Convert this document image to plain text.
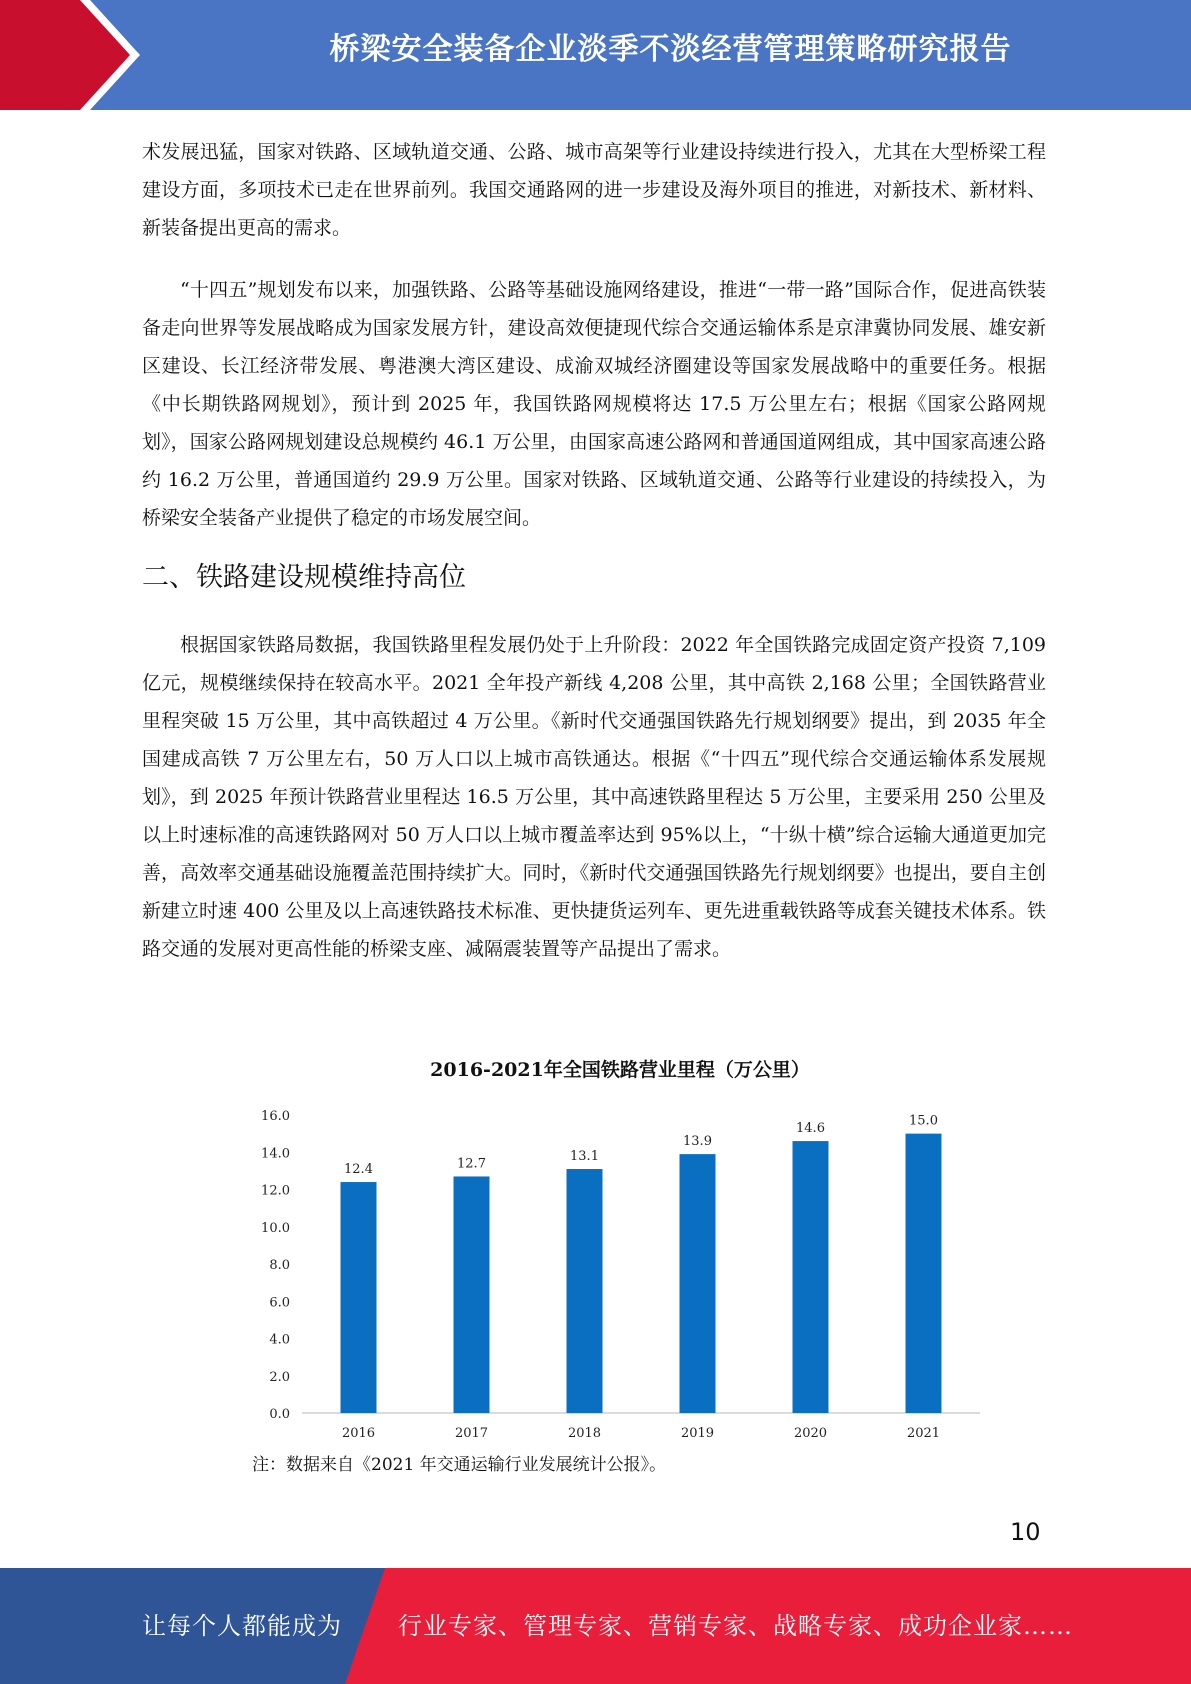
桥梁安全装备企业淡季不淡经营管理策略研究报告

术发展迅猛，国家对铁路、区域轨道交通、公路、城市高架等行业建设持续进行投入，尤其在大型桥梁工程建设方面，多项技术已走在世界前列。我国交通路网的进一步建设及海外项目的推进，对新技术、新材料、新装备提出更高的需求。

“十四五”规划发布以来，加强铁路、公路等基础设施网络建设，推进“一带一路”国际合作，促进高铁装备走向世界等发展战略成为国家发展方针，建设高效便捷现代综合交通运输体系是京津冀协同发展、雄安新区建设、长江经济带发展、粤港澳大湾区建设、成渝双城经济圈建设等国家发展战略中的重要任务。根据《中长期铁路网规划》，预计到 2025 年，我国铁路网规模将达 17.5 万公里左右；根据《国家公路网规划》，国家公路网规划建设总规模约 46.1 万公里，由国家高速公路网和普通国道网组成，其中国家高速公路约 16.2 万公里，普通国道约 29.9 万公里。国家对铁路、区域轨道交通、公路等行业建设的持续投入，为桥梁安全装备产业提供了稳定的市场发展空间。

二、铁路建设规模维持高位

根据国家铁路局数据，我国铁路里程发展仍处于上升阶段：2022 年全国铁路完成固定资产投资 7,109 亿元，规模继续保持在较高水平。2021 全年投产新线 4,208 公里，其中高铁 2,168 公里；全国铁路营业里程突破 15 万公里，其中高铁超过 4 万公里。《新时代交通强国铁路先行规划纲要》提出，到 2035 年全国建成高铁 7 万公里左右，50 万人口以上城市高铁通达。根据《“十四五”现代综合交通运输体系发展规划》，到 2025 年预计铁路营业里程达 16.5 万公里，其中高速铁路里程达 5 万公里，主要采用 250 公里及以上时速标准的高速铁路网对 50 万人口以上城市覆盖率达到 95%以上，“十纵十横”综合运输大通道更加完善，高效率交通基础设施覆盖范围持续扩大。同时，《新时代交通强国铁路先行规划纲要》也提出，要自主创新建立时速 400 公里及以上高速铁路技术标准、更快捷货运列车、更先进重载铁路等成套关键技术体系。铁路交通的发展对更高性能的桥梁支座、减隔震装置等产品提出了需求。

2016-2021年全国铁路营业里程（万公里）
0.0
2.0
4.0
6.0
8.0
10.0
12.0
14.0
16.0
12.4
2016
12.7
2017
13.1
2018
13.9
2019
14.6
2020
15.0
2021
注：数据来自《2021 年交通运输行业发展统计公报》。
10
让每个人都能成为 行业专家、管理专家、营销专家、战略专家、成功企业家……
